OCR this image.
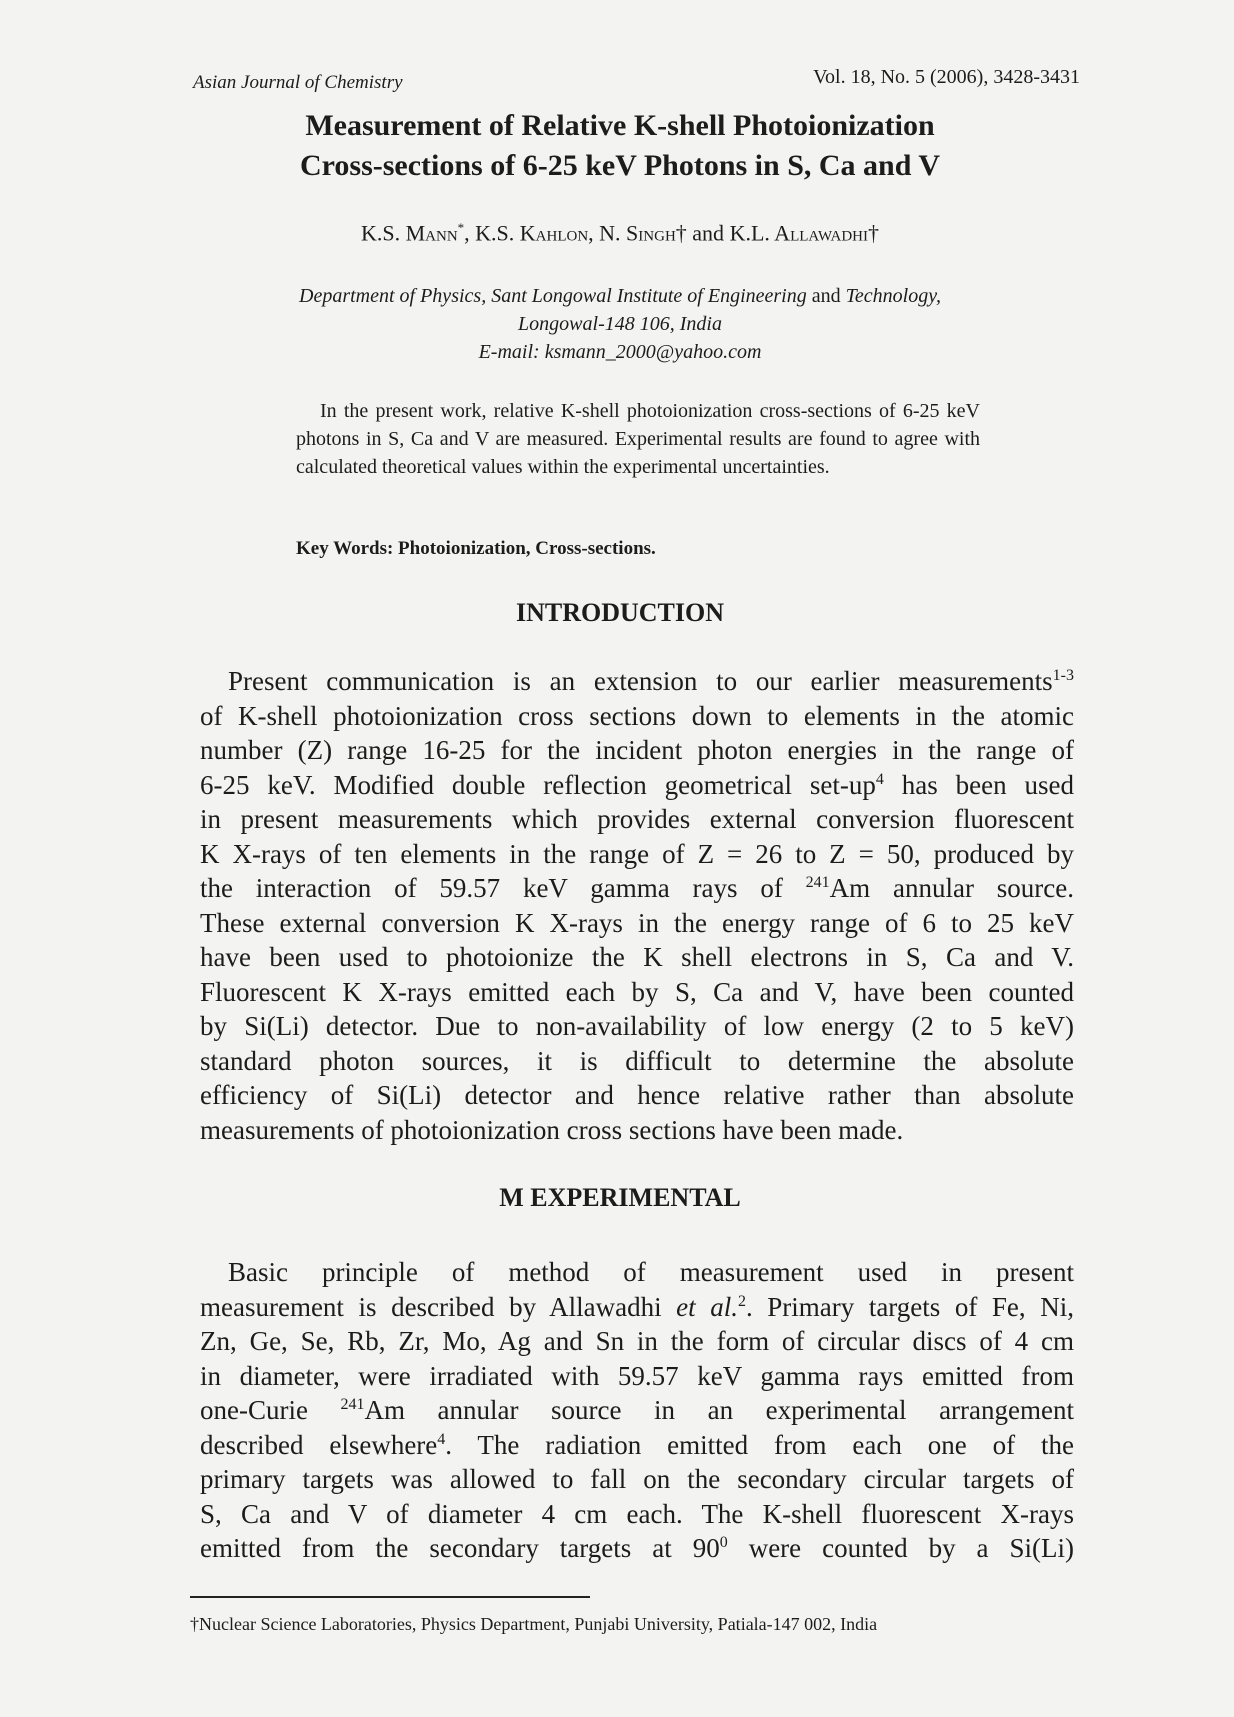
Asian Journal of Chemistry	Vol. 18, No. 5 (2006), 3428-3431
Measurement of Relative K-shell Photoionization
Cross-sections of 6-25 keV Photons in S, Ca and V
K.S. Mann*, K.S. Kahlon, N. Singh† and K.L. Allawadhi†
Department of Physics, Sant Longowal Institute of Engineering and Technology,
Longowal-148 106, India
E-mail: ksmann_2000@yahoo.com
In the present work, relative K-shell photoionization cross-sections of 6-25 keV photons in S, Ca and V are measured. Experimental results are found to agree with calculated theoretical values within the experimental uncertainties.
Key Words: Photoionization, Cross-sections.
INTRODUCTION
Present communication is an extension to our earlier measurements$^{1-3}$
of K-shell photoionization cross sections down to elements in the atomic
number (Z) range 16-25 for the incident photon energies in the range of
6-25 keV. Modified double reflection geometrical set-$up^4$ has been used
in present measurements which provides external conversion fluorescent
K X-rays of ten elements in the range of Z = 26 to Z = 50, produced by
the interaction of 59.57 keV gamma rays of $^{241}$Am annular source.
These external conversion K X-rays in the energy range of 6 to 25 keV
have been used to photoionize the K shell electrons in S, Ca and V.
Fluorescent K X-rays emitted each by S, Ca and V, have been counted
by Si(Li) detector. Due to non-availability of low energy (2 to 5 keV)
standard photon sources, it is difficult to determine the absolute
efficiency of Si(Li) detector and hence relative rather than absolute
measurements of photoionization cross sections have been made.
M EXPERIMENTAL
Basic principle of method of measurement used in present
measurement is described by Allawadhi et al.$^2$. Primary targets of Fe, Ni,
Zn, Ge, Se, Rb, Zr, Mo, Ag and Sn in the form of circular discs of 4 cm
in diameter, were irradiated with 59.57 keV gamma rays emitted from
one-Curie $^{241}$Am annular source in an experimental arrangement
described elsewhere$^4$. The radiation emitted from each one of the
primary targets was allowed to fall on the secondary circular targets of
S, Ca and V of diameter 4 cm each. The K-shell fluorescent X-rays
emitted from the secondary targets at $90^0$ were counted by a Si(Li)
†Nuclear Science Laboratories, Physics Department, Punjabi University, Patiala-147 002, India
